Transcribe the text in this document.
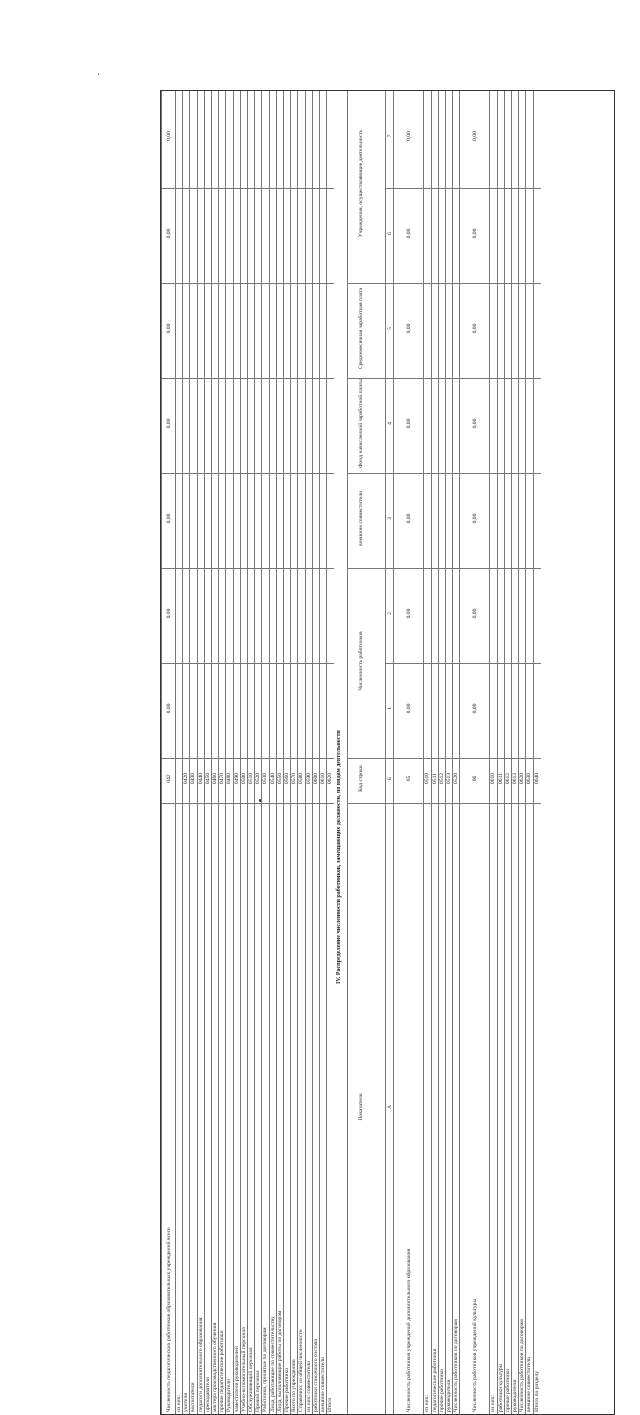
Численность педагогических работников образовательных учреждений всего
042
0,00
0,00
0,00
0,00
0,00
0,00
0,00
из них: учителя
0420
воспитатели
0430
педагоги дополнительного образования
0440
преподаватели
0450
мастера производственного обучения
0460
прочие педагогические работники
0470
Руководители
0480
заместители руководителей
0490
Учебно-вспомогательный персонал
0500
Обслуживающий персонал
0510
Прочий персонал
0520
Работники, принятые по договорам
0530
Лица, работающие по совместительству
0540
Лица, выполняющие работы по договорам
0550
Прочие работники
0560
Всего по учреждению
0570
Справочно: из общей численности
0580
из них: совместители
0590
работники списочного состава
0600
внешние совместители
0610
Итого
0620 IV. Распределение численности работников, замещающих должности, по видам деятельности
Показатели
Код строки
Численность работников
внешние совместители
Фонд начисленной заработной платы
Среднемесячная заработная плата
Учреждения, осуществляющие деятельность
А
Б
1
2
3
4
5
6
7
Численность работников учреждений дополнительного образования
05
0,00
0,00
0,00
0,00
0,00
0,00
0,00
из них:
0510
педагогические работники
0511
прочие работники
0512
руководители
0513
Численность работников по договорам
0520
Численность работников учреждений культуры
06
0,00
0,00
0,00
0,00
0,00
0,00
0,00
из них:
0610
работники культуры
0611
прочие работники
0612
руководители
0613
Численность работников по договорам
0620
внешние совместители
0630
Итого по разделу
0640
